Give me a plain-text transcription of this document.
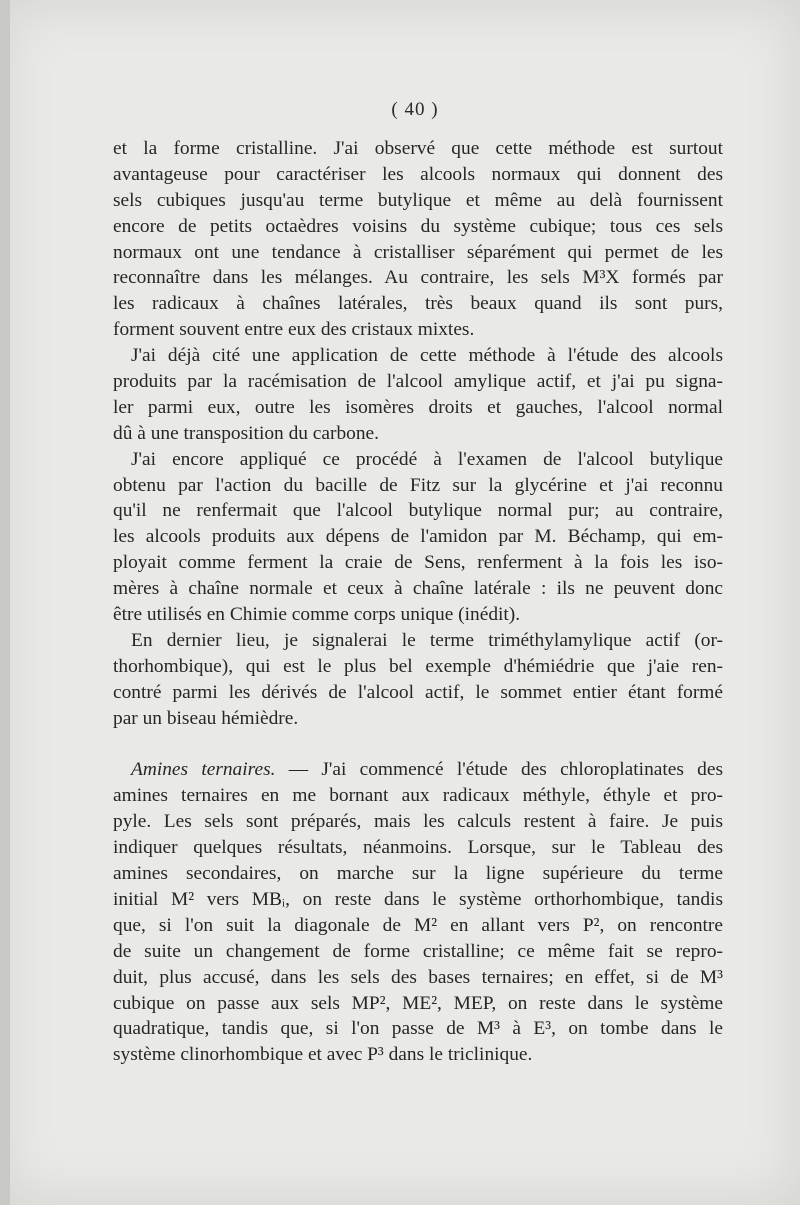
( 40 )
et la forme cristalline. J'ai observé que cette méthode est surtout
avantageuse pour caractériser les alcools normaux qui donnent des
sels cubiques jusqu'au terme butylique et même au delà fournissent
encore de petits octaèdres voisins du système cubique; tous ces sels
normaux ont une tendance à cristalliser séparément qui permet de les
reconnaître dans les mélanges. Au contraire, les sels M³X formés par
les radicaux à chaînes latérales, très beaux quand ils sont purs,
forment souvent entre eux des cristaux mixtes.
J'ai déjà cité une application de cette méthode à l'étude des alcools
produits par la racémisation de l'alcool amylique actif, et j'ai pu signa-
ler parmi eux, outre les isomères droits et gauches, l'alcool normal
dû à une transposition du carbone.
J'ai encore appliqué ce procédé à l'examen de l'alcool butylique
obtenu par l'action du bacille de Fitz sur la glycérine et j'ai reconnu
qu'il ne renfermait que l'alcool butylique normal pur; au contraire,
les alcools produits aux dépens de l'amidon par M. Béchamp, qui em-
ployait comme ferment la craie de Sens, renferment à la fois les iso-
mères à chaîne normale et ceux à chaîne latérale : ils ne peuvent donc
être utilisés en Chimie comme corps unique (inédit).
En dernier lieu, je signalerai le terme triméthylamylique actif (or-
thorhombique), qui est le plus bel exemple d'hémiédrie que j'aie ren-
contré parmi les dérivés de l'alcool actif, le sommet entier étant formé
par un biseau hémièdre.
Amines ternaires. — J'ai commencé l'étude des chloroplatinates des
amines ternaires en me bornant aux radicaux méthyle, éthyle et pro-
pyle. Les sels sont préparés, mais les calculs restent à faire. Je puis
indiquer quelques résultats, néanmoins. Lorsque, sur le Tableau des
amines secondaires, on marche sur la ligne supérieure du terme
initial M² vers MBᵢ, on reste dans le système orthorhombique, tandis
que, si l'on suit la diagonale de M² en allant vers P², on rencontre
de suite un changement de forme cristalline; ce même fait se repro-
duit, plus accusé, dans les sels des bases ternaires; en effet, si de M³
cubique on passe aux sels MP², ME², MEP, on reste dans le système
quadratique, tandis que, si l'on passe de M³ à E³, on tombe dans le
système clinorhombique et avec P³ dans le triclinique.
